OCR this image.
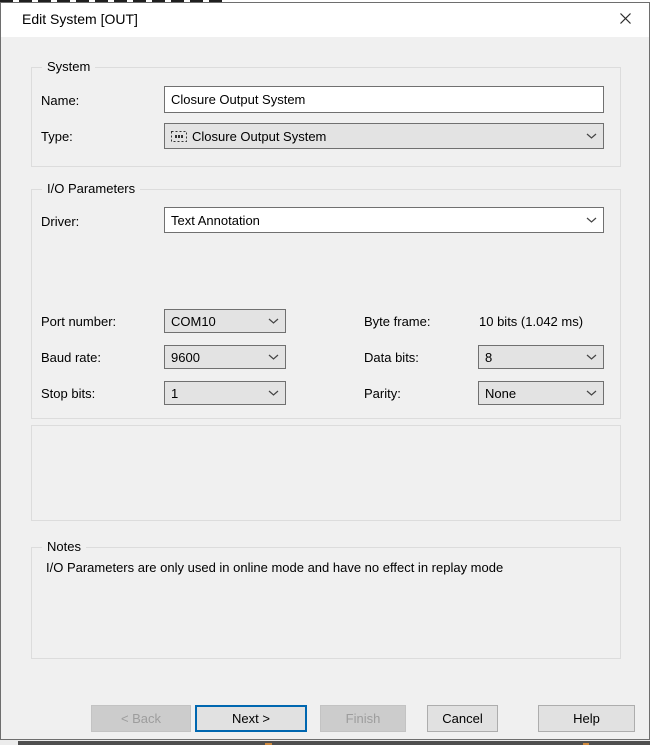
Edit System [OUT]
System
Name:
Closure Output System
Type:	Closure Output System
I/O Parameters
Driver:	Text Annotation
Port number:	COM10	Byte frame:	10 bits (1.042 ms)
Baud rate:	9600	Data bits:	8
Stop bits:	1	Parity:	None
Notes
I/O Parameters are only used in online mode and have no effect in replay mode
< Back	Next >	Finish	Cancel	Help
